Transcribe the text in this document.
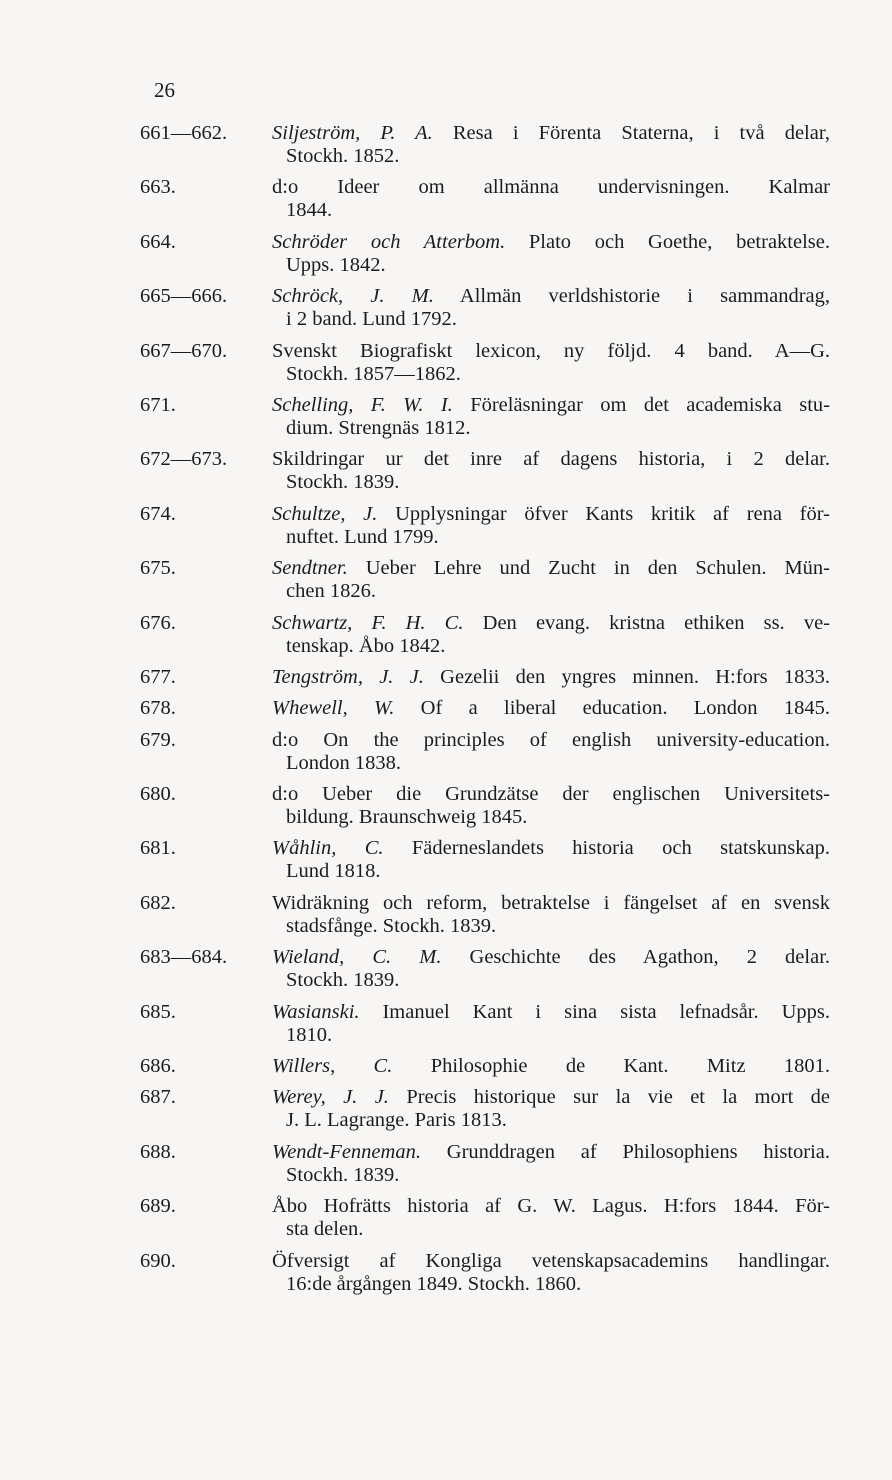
26
661—662.	Siljeström, P. A. Resa i Förenta Staterna, i två delar,
Stockh. 1852.
663.	d:o Ideer om allmänna undervisningen. Kalmar
1844.
664.	Schröder och Atterbom. Plato och Goethe, betraktelse.
Upps. 1842.
665—666.	Schröck, J. M. Allmän verldshistorie i sammandrag,
i 2 band. Lund 1792.
667—670.	Svenskt Biografiskt lexicon, ny följd. 4 band. A—G.
Stockh. 1857—1862.
671.	Schelling, F. W. I. Föreläsningar om det academiska stu-
dium. Strengnäs 1812.
672—673.	Skildringar ur det inre af dagens historia, i 2 delar.
Stockh. 1839.
674.	Schultze, J. Upplysningar öfver Kants kritik af rena för-
nuftet. Lund 1799.
675.	Sendtner. Ueber Lehre und Zucht in den Schulen. Mün-
chen 1826.
676.	Schwartz, F. H. C. Den evang. kristna ethiken ss. ve-
tenskap. Åbo 1842.
677.	Tengström, J. J. Gezelii den yngres minnen. H:fors 1833.
678.	Whewell, W. Of a liberal education. London 1845.
679.	d:o On the principles of english university-education.
London 1838.
680.	d:o Ueber die Grundzätse der englischen Universitets-
bildung. Braunschweig 1845.
681.	Wåhlin, C. Fäderneslandets historia och statskunskap.
Lund 1818.
682.	Widräkning och reform, betraktelse i fängelset af en svensk
stadsfånge. Stockh. 1839.
683—684.	Wieland, C. M. Geschichte des Agathon, 2 delar.
Stockh. 1839.
685.	Wasianski. Imanuel Kant i sina sista lefnadsår. Upps.
1810.
686.	Willers, C. Philosophie de Kant. Mitz 1801.
687.	Werey, J. J. Precis historique sur la vie et la mort de
J. L. Lagrange. Paris 1813.
688.	Wendt-Fenneman. Grunddragen af Philosophiens historia.
Stockh. 1839.
689.	Åbo Hofrätts historia af G. W. Lagus. H:fors 1844. För-
sta delen.
690.	Öfversigt af Kongliga vetenskapsacademins handlingar.
16:de årgången 1849. Stockh. 1860.
